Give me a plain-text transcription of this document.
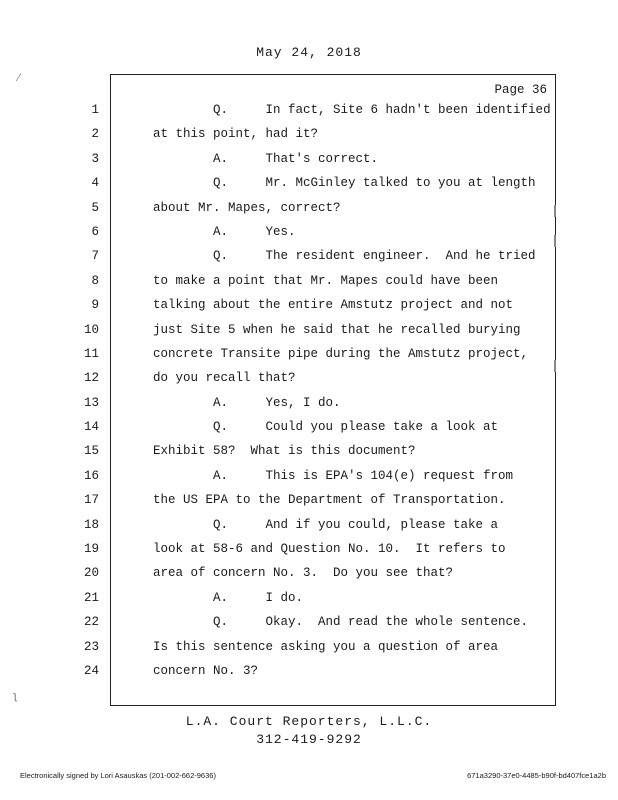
May 24, 2018
Page 36
1	Q.     In fact, Site 6 hadn't been identified
2	at this point, had it?
3	A.     That's correct.
4	Q.     Mr. McGinley talked to you at length
5	about Mr. Mapes, correct?
6	A.     Yes.
7	Q.     The resident engineer.  And he tried
8	to make a point that Mr. Mapes could have been
9	talking about the entire Amstutz project and not
10	just Site 5 when he said that he recalled burying
11	concrete Transite pipe during the Amstutz project,
12	do you recall that?
13	A.     Yes, I do.
14	Q.     Could you please take a look at
15	Exhibit 58?  What is this document?
16	A.     This is EPA's 104(e) request from
17	the US EPA to the Department of Transportation.
18	Q.     And if you could, please take a
19	look at 58-6 and Question No. 10.  It refers to
20	area of concern No. 3.  Do you see that?
21	A.     I do.
22	Q.     Okay.  And read the whole sentence.
23	Is this sentence asking you a question of area
24	concern No. 3?
⁄
ʅ
L.A. Court Reporters, L.L.C.
312-419-9292
Electronically signed by Lori Asauskas (201-002-662-9636)	671a3290-37e0-4485-b90f-bd407fce1a2b
